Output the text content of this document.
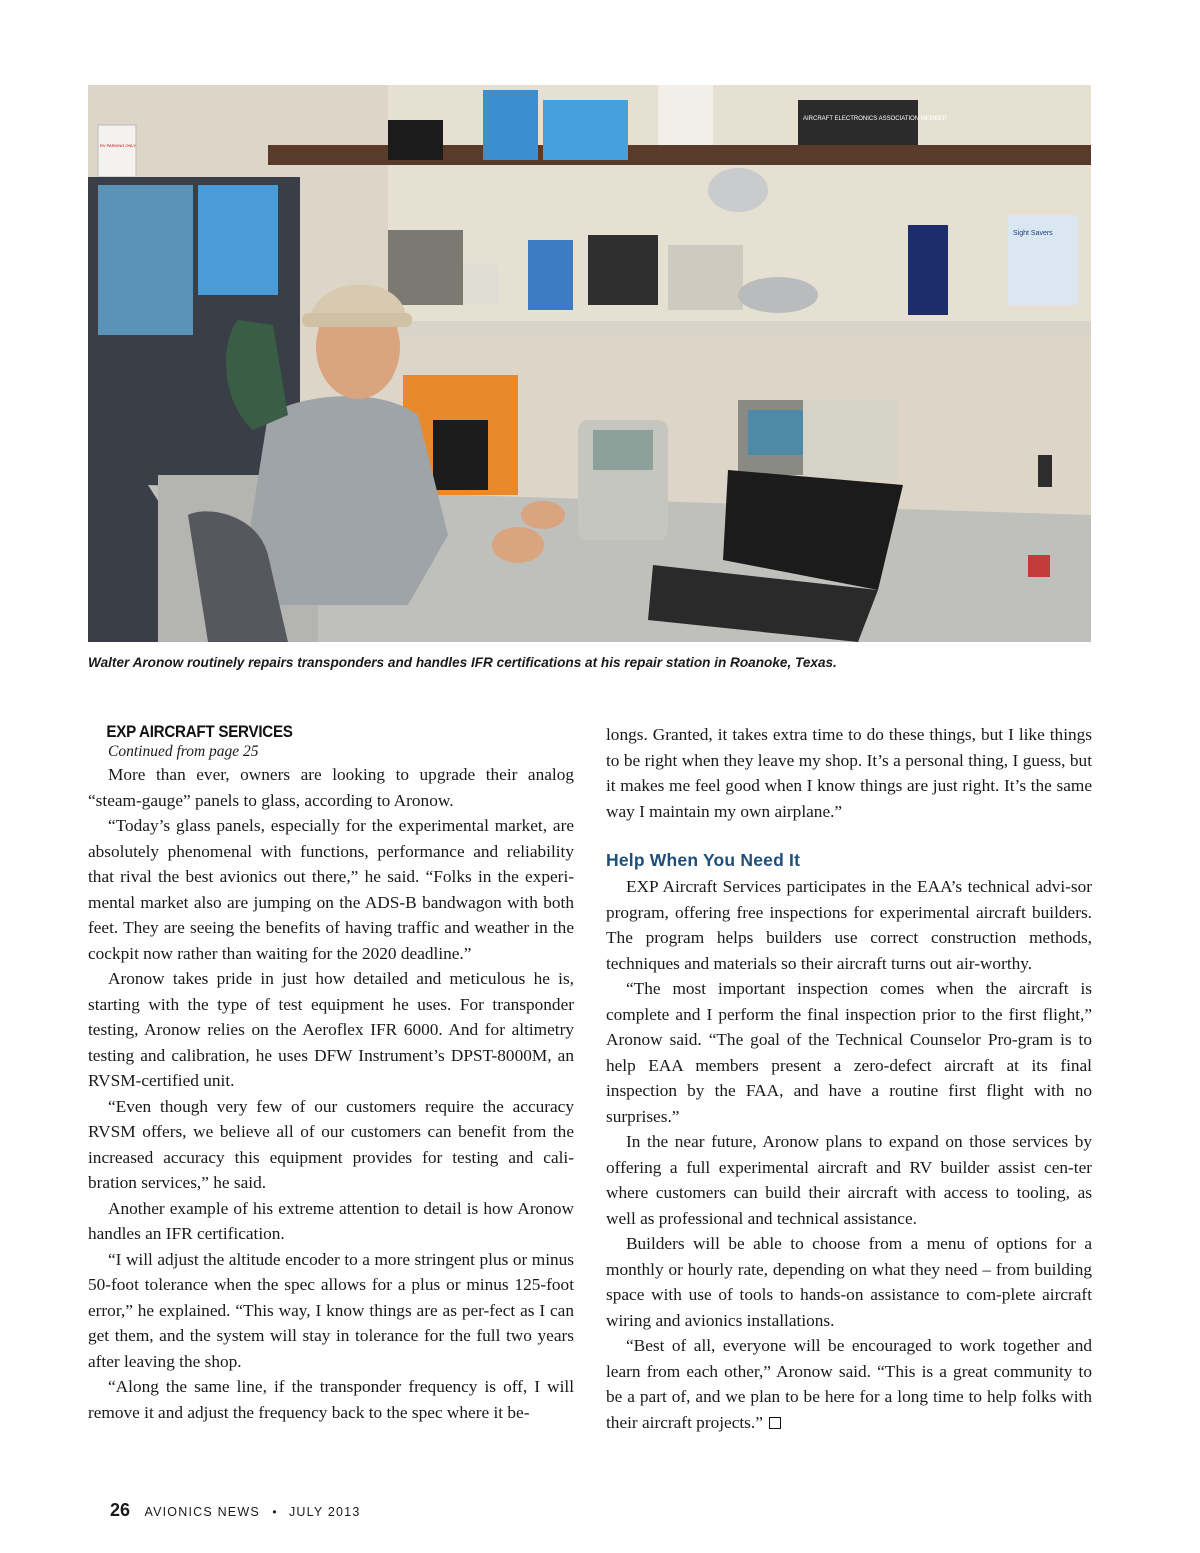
AIRCRAFT ELECTRONICS ASSOCIATION MEMBER
RV PARKING ONLY
Sight Savers
Walter Aronow routinely repairs transponders and handles IFR certifications at his repair station in Roanoke, Texas.

EXP AIRCRAFT SERVICES

Continued from page 25

More than ever, owners are looking to upgrade their analog “steam-gauge” panels to glass, according to Aronow.

“Today’s glass panels, especially for the experimental market, are absolutely phenomenal with functions, performance and reliability that rival the best avionics out there,” he said. “Folks in the experi-mental market also are jumping on the ADS-B bandwagon with both feet. They are seeing the benefits of having traffic and weather in the cockpit now rather than waiting for the 2020 deadline.”

Aronow takes pride in just how detailed and meticulous he is, starting with the type of test equipment he uses. For transponder testing, Aronow relies on the Aeroflex IFR 6000. And for altimetry testing and calibration, he uses DFW Instrument’s DPST-8000M, an RVSM-certified unit.

“Even though very few of our customers require the accuracy RVSM offers, we believe all of our customers can benefit from the increased accuracy this equipment provides for testing and cali-bration services,” he said.

Another example of his extreme attention to detail is how Aronow handles an IFR certification.

“I will adjust the altitude encoder to a more stringent plus or minus 50-foot tolerance when the spec allows for a plus or minus 125-foot error,” he explained. “This way, I know things are as per-fect as I can get them, and the system will stay in tolerance for the full two years after leaving the shop.

“Along the same line, if the transponder frequency is off, I will remove it and adjust the frequency back to the spec where it be-

longs. Granted, it takes extra time to do these things, but I like things to be right when they leave my shop. It’s a personal thing, I guess, but it makes me feel good when I know things are just right. It’s the same way I maintain my own airplane.”

Help When You Need It

EXP Aircraft Services participates in the EAA’s technical advi-sor program, offering free inspections for experimental aircraft builders. The program helps builders use correct construction methods, techniques and materials so their aircraft turns out air-worthy.

“The most important inspection comes when the aircraft is complete and I perform the final inspection prior to the first flight,” Aronow said. “The goal of the Technical Counselor Pro-gram is to help EAA members present a zero-defect aircraft at its final inspection by the FAA, and have a routine first flight with no surprises.”

In the near future, Aronow plans to expand on those services by offering a full experimental aircraft and RV builder assist cen-ter where customers can build their aircraft with access to tooling, as well as professional and technical assistance.

Builders will be able to choose from a menu of options for a monthly or hourly rate, depending on what they need – from building space with use of tools to hands-on assistance to com-plete aircraft wiring and avionics installations.

“Best of all, everyone will be encouraged to work together and learn from each other,” Aronow said. “This is a great community to be a part of, and we plan to be here for a long time to help folks with their aircraft projects.”

26 AVIONICS NEWS • JULY 2013
